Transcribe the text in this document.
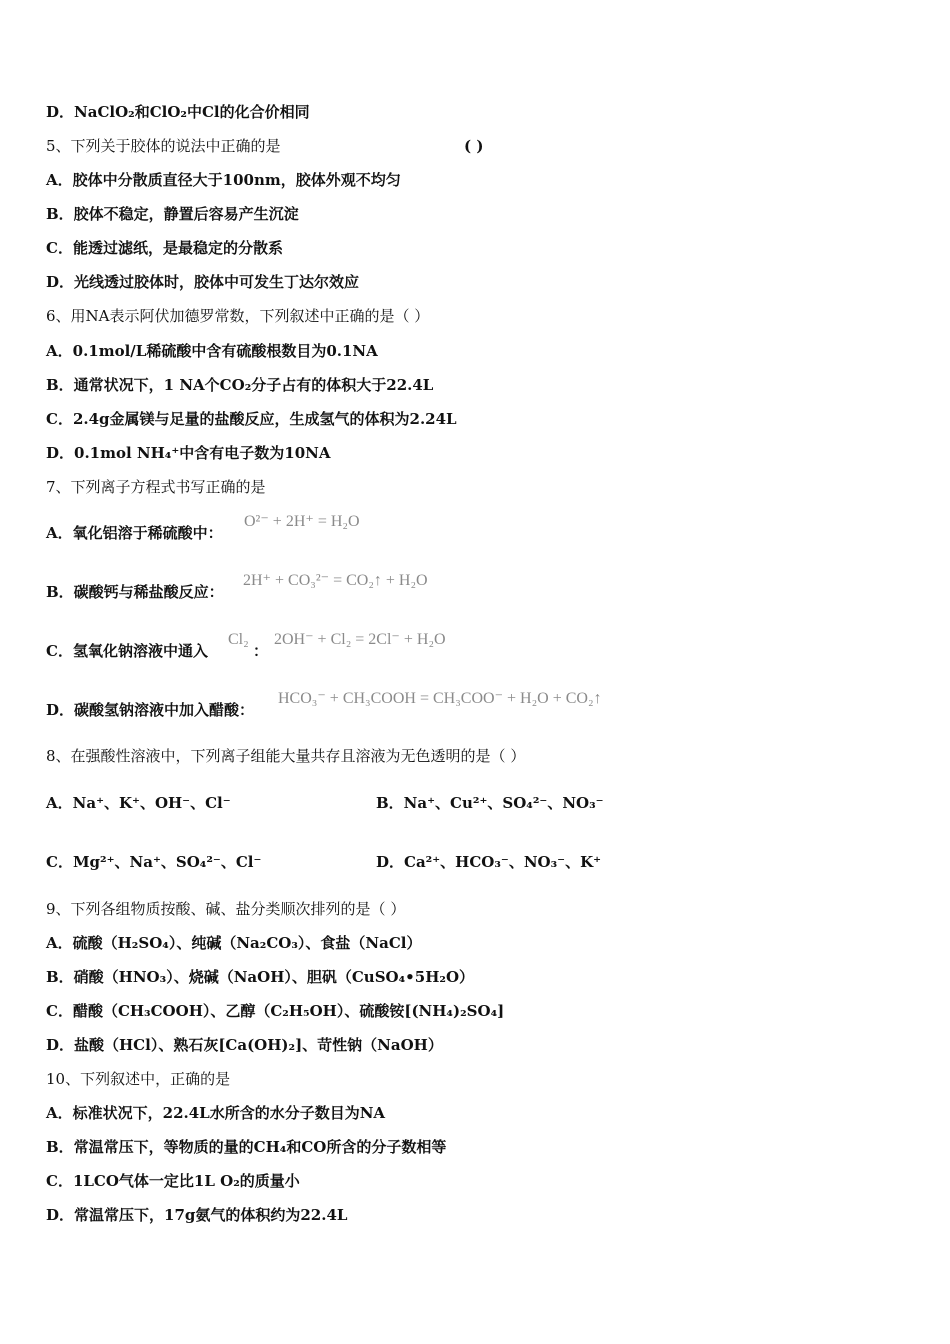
D．NaClO₂和ClO₂中Cl的化合价相同
5、下列关于胶体的说法中正确的是	( )
A．胶体中分散质直径大于100nm，胶体外观不均匀
B．胶体不稳定，静置后容易产生沉淀
C．能透过滤纸，是最稳定的分散系
D．光线透过胶体时，胶体中可发生丁达尔效应
6、用NA表示阿伏加德罗常数，下列叙述中正确的是（ ）
A．0.1mol/L稀硫酸中含有硫酸根数目为0.1NA
B．通常状况下，1 NA个CO₂分子占有的体积大于22.4L
C．2.4g金属镁与足量的盐酸反应，生成氢气的体积为2.24L
D．0.1mol NH₄⁺中含有电子数为10NA
7、下列离子方程式书写正确的是
A．氧化铝溶于稀硫酸中：
O²⁻ + 2H⁺ = H₂O
B．碳酸钙与稀盐酸反应：
2H⁺ + CO₃²⁻ = CO₂↑ + H₂O
C．氢氧化钠溶液中通入
Cl₂
：
2OH⁻ + Cl₂ = 2Cl⁻ + H₂O
D．碳酸氢钠溶液中加入醋酸：
HCO₃⁻ + CH₃COOH = CH₃COO⁻ + H₂O + CO₂↑
8、在强酸性溶液中，下列离子组能大量共存且溶液为无色透明的是（ ）
A．Na⁺、K⁺、OH⁻、Cl⁻	B．Na⁺、Cu²⁺、SO₄²⁻、NO₃⁻
C．Mg²⁺、Na⁺、SO₄²⁻、Cl⁻	D．Ca²⁺、HCO₃⁻、NO₃⁻、K⁺
9、下列各组物质按酸、碱、盐分类顺次排列的是（ ）
A．硫酸（H₂SO₄）、纯碱（Na₂CO₃）、食盐（NaCl）
B．硝酸（HNO₃）、烧碱（NaOH）、胆矾（CuSO₄•5H₂O）
C．醋酸（CH₃COOH）、乙醇（C₂H₅OH）、硫酸铵[(NH₄)₂SO₄]
D．盐酸（HCl）、熟石灰[Ca(OH)₂]、苛性钠（NaOH）
10、下列叙述中，正确的是
A．标准状况下，22.4L水所含的水分子数目为NA
B．常温常压下，等物质的量的CH₄和CO所含的分子数相等
C．1LCO气体一定比1L O₂的质量小
D．常温常压下，17g氨气的体积约为22.4L
